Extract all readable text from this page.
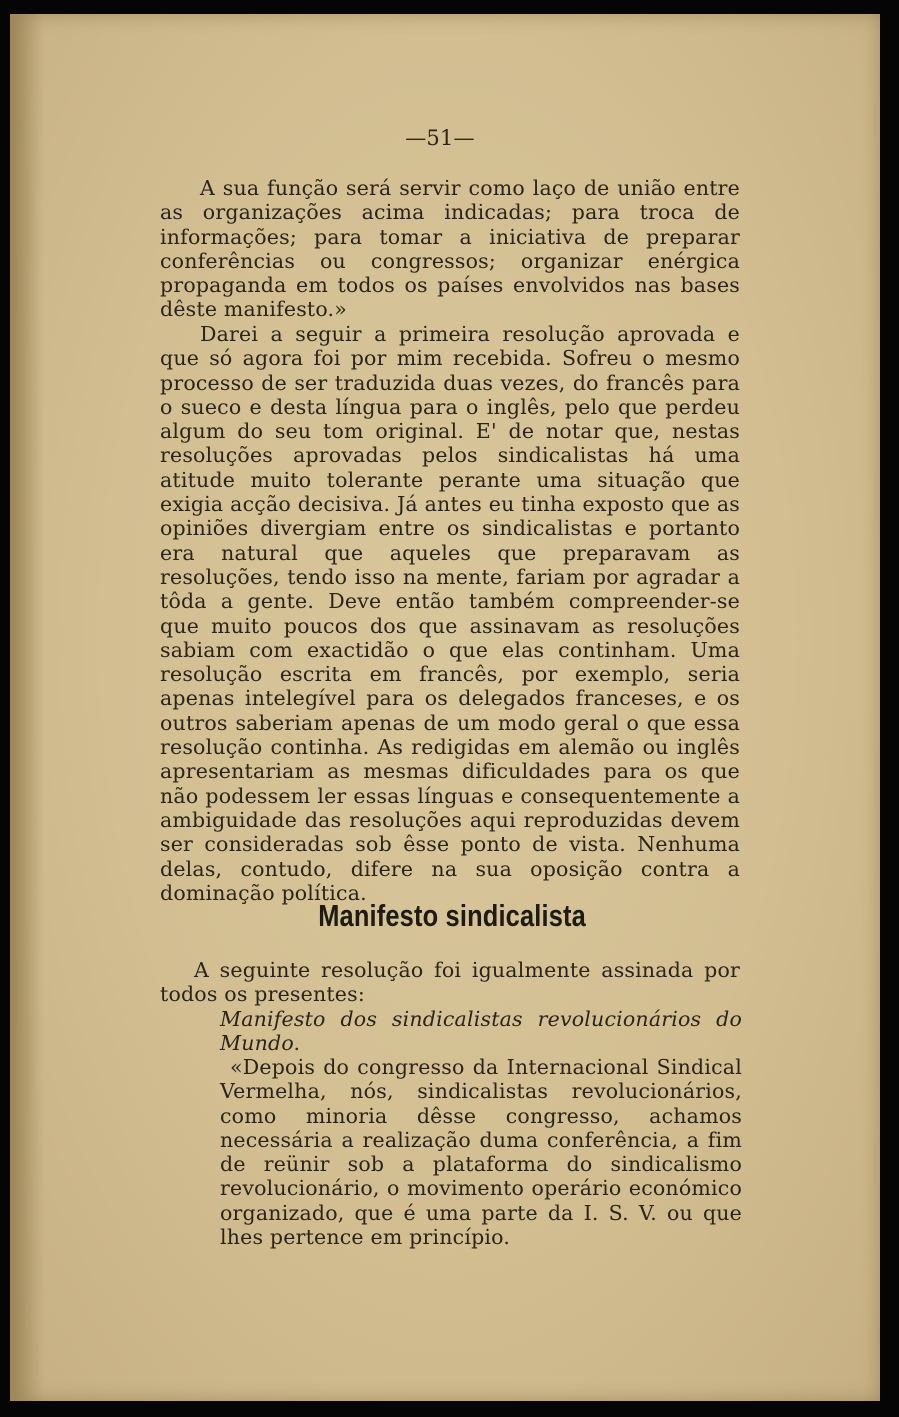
—51—

A sua função será servir como laço de união entre as organizações acima indicadas; para troca de informações; para tomar a iniciativa de preparar conferências ou congressos; organizar enérgica propaganda em todos os países envolvidos nas bases dêste manifesto.»

Darei a seguir a primeira resolução aprovada e que só agora foi por mim recebida. Sofreu o mesmo processo de ser traduzida duas vezes, do francês para o sueco e desta língua para o inglês, pelo que perdeu algum do seu tom original. E' de notar que, nestas resoluções aprovadas pelos sindicalistas há uma atitude muito tolerante perante uma situação que exigia acção decisiva. Já antes eu tinha exposto que as opiniões divergiam entre os sindicalistas e portanto era natural que aqueles que preparavam as resoluções, tendo isso na mente, fariam por agradar a tôda a gente. Deve então também compreender-se que muito poucos dos que assinavam as resoluções sabiam com exactidão o que elas continham. Uma resolução escrita em francês, por exemplo, seria apenas intelegível para os delegados franceses, e os outros saberiam apenas de um modo geral o que essa resolução continha. As redigidas em alemão ou inglês apresentariam as mesmas dificuldades para os que não podessem ler essas línguas e consequentemente a ambiguidade das resoluções aqui reproduzidas devem ser consideradas sob êsse ponto de vista. Nenhuma delas, contudo, difere na sua oposição contra a dominação política.

Manifesto sindicalista

A seguinte resolução foi igualmente assinada por todos os presentes:

Manifesto dos sindicalistas revolucionários do Mundo.

«Depois do congresso da Internacional Sindical Vermelha, nós, sindicalistas revolucionários, como minoria dêsse congresso, achamos necessária a realização duma conferência, a fim de reünir sob a plataforma do sindicalismo revolucionário, o movimento operário económico organizado, que é uma parte da I. S. V. ou que lhes pertence em princípio.
